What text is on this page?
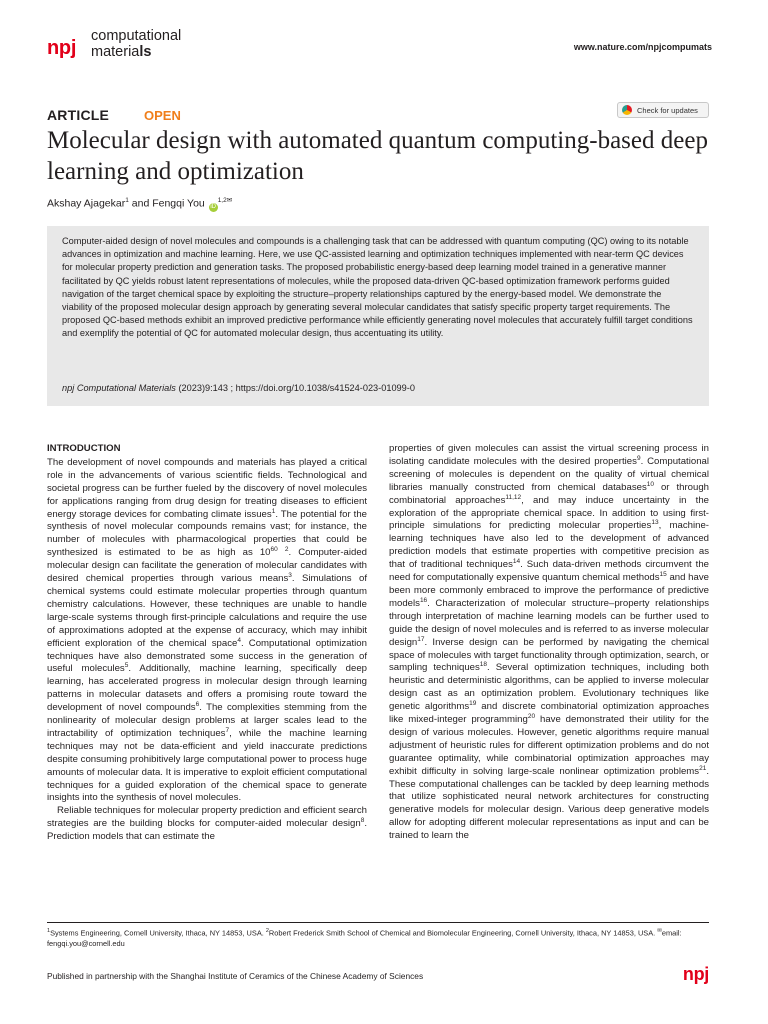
npj
computational
materials	www.nature.com/npjcompumats
ARTICLE	OPEN	Check for updates
Molecular design with automated quantum computing-based deep learning and optimization
Akshay Ajagekar$^1$ and Fengqi You $iD^{1,2✉}$

Computer-aided design of novel molecules and compounds is a challenging task that can be addressed with quantum computing (QC) owing to its notable advances in optimization and machine learning. Here, we use QC-assisted learning and optimization techniques implemented with near-term QC devices for molecular property prediction and generation tasks. The proposed probabilistic energy-based deep learning model trained in a generative manner facilitated by QC yields robust latent representations of molecules, while the proposed data-driven QC-based optimization framework performs guided navigation of the target chemical space by exploiting the structure–property relationships captured by the energy-based model. We demonstrate the viability of the proposed molecular design approach by generating several molecular candidates that satisfy specific property target requirements. The proposed QC-based methods exhibit an improved predictive performance while efficiently generating novel molecules that accurately fulfill target conditions and exemplify the potential of QC for automated molecular design, thus accentuating its utility.

npj Computational Materials (2023)9:143 ; https://doi.org/10.1038/s41524-023-01099-0
INTRODUCTION

The development of novel compounds and materials has played a critical role in the advancements of various scientific fields. Technological and societal progress can be further fueled by the discovery of novel molecules for applications ranging from drug design for treating diseases to efficient energy storage devices for combating climate issues$^1$. The potential for the synthesis of novel molecular compounds remains vast; for instance, the number of molecules with pharmacological properties that could be synthesized is estimated to be as high as $10^{60}$ $^2$. Computer-aided molecular design can facilitate the generation of molecular candidates with desired chemical properties through various means$^3$. Simulations of chemical systems could estimate molecular properties through quantum chemistry calculations. However, these techniques are unable to handle large-scale systems through first-principle calculations and require the use of approximations adopted at the expense of accuracy, which may inhibit efficient exploration of the chemical space$^4$. Computational optimization techniques have also demonstrated some success in the generation of useful molecules$^5$. Additionally, machine learning, specifically deep learning, has accelerated progress in molecular design through learning patterns in molecular datasets and offers a promising route toward the development of novel compounds$^6$. The complexities stemming from the nonlinearity of molecular design problems at larger scales lead to the intractability of optimization techniques$^7$, while the machine learning techniques may not be data-efficient and yield inaccurate predictions despite consuming prohibitively large computational power to process huge amounts of molecular data. It is imperative to exploit efficient computational techniques for a guided exploration of the chemical space to generate insights into the synthesis of novel molecules.

Reliable techniques for molecular property prediction and efficient search strategies are the building blocks for computer-aided molecular design$^8$. Prediction models that can estimate the

properties of given molecules can assist the virtual screening process in isolating candidate molecules with the desired properties$^9$. Computational screening of molecules is dependent on the quality of virtual chemical libraries manually constructed from chemical databases$^{10}$ or through combinatorial approaches$^{11,12}$, and may induce uncertainty in the exploration of the appropriate chemical space. In addition to using first-principle simulations for predicting molecular properties$^{13}$, machine-learning techniques have also led to the development of advanced prediction models that estimate properties with competitive precision as that of traditional techniques$^{14}$. Such data-driven methods circumvent the need for computationally expensive quantum chemical methods$^{15}$ and have been more commonly embraced to improve the performance of predictive models$^{16}$. Characterization of molecular structure–property relationships through interpretation of machine learning models can be further used to guide the design of novel molecules and is referred to as inverse molecular design$^{17}$. Inverse design can be performed by navigating the chemical space of molecules with target functionality through optimization, search, or sampling techniques$^{18}$. Several optimization techniques, including both heuristic and deterministic algorithms, can be applied to inverse molecular design cast as an optimization problem. Evolutionary techniques like genetic algorithms$^{19}$ and discrete combinatorial optimization approaches like mixed-integer programming$^{20}$ have demonstrated their utility for the design of various molecules. However, genetic algorithms require manual adjustment of heuristic rules for different optimization problems and do not guarantee optimality, while combinatorial optimization approaches may exhibit difficulty in solving large-scale nonlinear optimization problems$^{21}$. These computational challenges can be tackled by deep learning methods that utilize sophisticated neural network architectures for constructing generative models for molecular design. Various deep generative models allow for adopting different molecular representations as input and can be trained to learn the

$^1$Systems Engineering, Cornell University, Ithaca, NY 14853, USA. $^2$Robert Frederick Smith School of Chemical and Biomolecular Engineering, Cornell University, Ithaca, NY 14853, USA. ✉email: fengqi.you@cornell.edu
Published in partnership with the Shanghai Institute of Ceramics of the Chinese Academy of Sciences	npj
